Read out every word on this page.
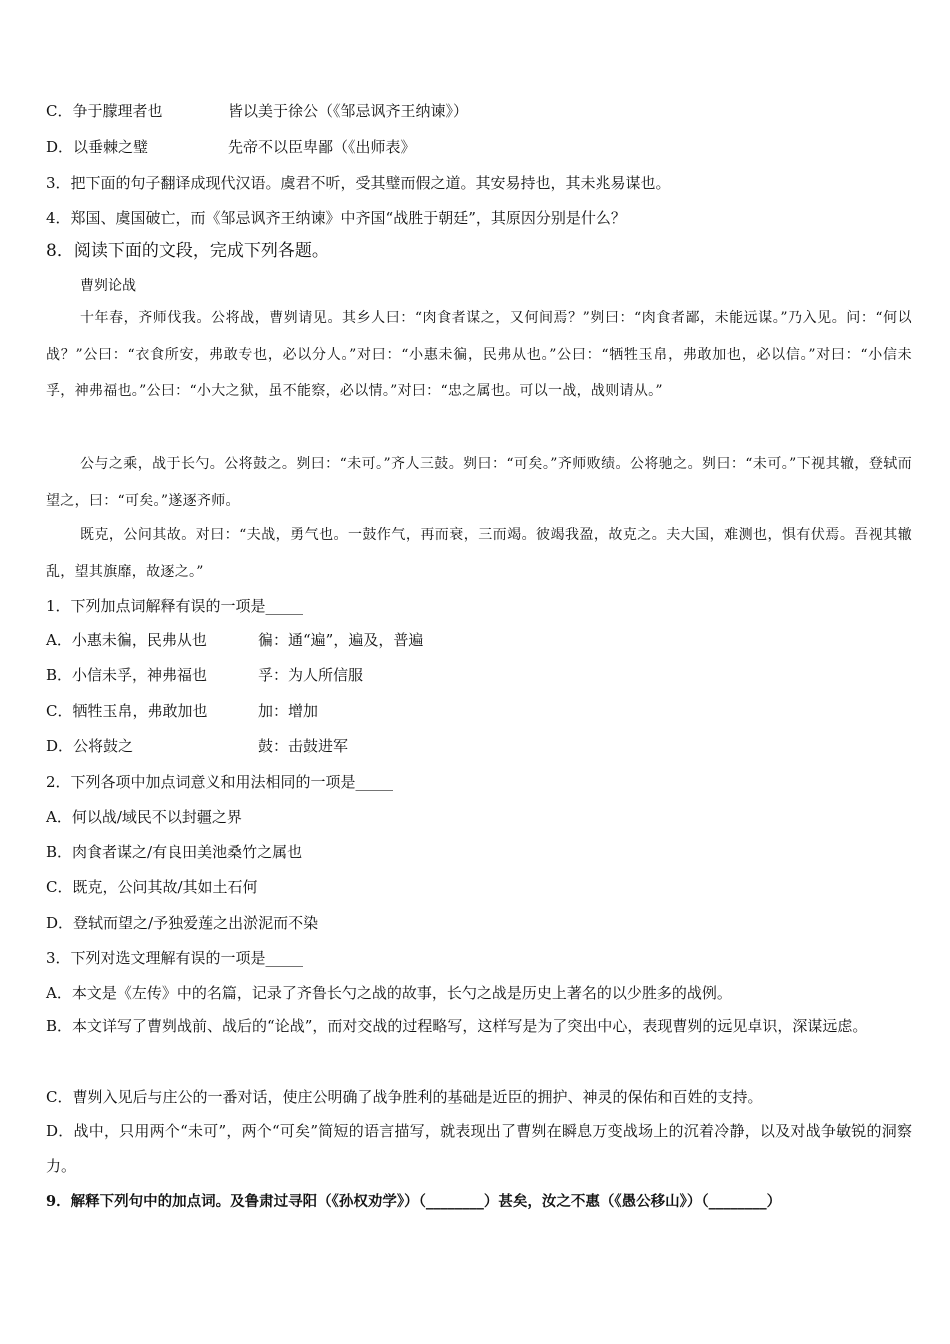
C．争于朦理者也	皆以美于徐公（《邹忌讽齐王纳谏》）
D．以垂棘之璧	先帝不以臣卑鄙（《出师表》
3．把下面的句子翻译成现代汉语。虞君不听，受其璧而假之道。其安易持也，其未兆易谋也。
4．郑国、虞国破亡，而《邹忌讽齐王纳谏》中齐国“战胜于朝廷”，其原因分别是什么？
8．阅读下面的文段，完成下列各题。
曹刿论战
十年春，齐师伐我。公将战，曹刿请见。其乡人曰：“肉食者谋之，又何间焉？”刿曰：“肉食者鄙，未能远谋。”乃入见。问：“何以战？”公曰：“衣食所安，弗敢专也，必以分人。”对曰：“小惠未徧，民弗从也。”公曰：“牺牲玉帛，弗敢加也，必以信。”对曰：“小信未孚，神弗福也。”公曰：“小大之狱，虽不能察，必以情。”对曰：“忠之属也。可以一战，战则请从。”
公与之乘，战于长勺。公将鼓之。刿曰：“未可。”齐人三鼓。刿曰：“可矣。”齐师败绩。公将驰之。刿曰：“未可。”下视其辙，登轼而望之，曰：“可矣。”遂逐齐师。
既克，公问其故。对曰：“夫战，勇气也。一鼓作气，再而衰，三而竭。彼竭我盈，故克之。夫大国，难测也，惧有伏焉。吾视其辙乱，望其旗靡，故逐之。”
1．下列加点词解释有误的一项是_____
A．小惠未徧，民弗从也	徧：通“遍”，遍及，普遍
B．小信未孚，神弗福也	孚：为人所信服
C．牺牲玉帛，弗敢加也	加：增加
D．公将鼓之	鼓：击鼓进军
2．下列各项中加点词意义和用法相同的一项是_____
A．何以战/域民不以封疆之界
B．肉食者谋之/有良田美池桑竹之属也
C．既克，公问其故/其如土石何
D．登轼而望之/予独爱莲之出淤泥而不染
3．下列对选文理解有误的一项是_____
A．本文是《左传》中的名篇，记录了齐鲁长勺之战的故事，长勺之战是历史上著名的以少胜多的战例。
B．本文详写了曹刿战前、战后的“论战”，而对交战的过程略写，这样写是为了突出中心，表现曹刿的远见卓识，深谋远虑。
C．曹刿入见后与庄公的一番对话，使庄公明确了战争胜利的基础是近臣的拥护、神灵的保佑和百姓的支持。
D．战中，只用两个“未可”，两个“可矣”简短的语言描写，就表现出了曹刿在瞬息万变战场上的沉着冷静，以及对战争敏锐的洞察力。
9．解释下列句中的加点词。及鲁肃过寻阳（《孙权劝学》）（________）甚矣，汝之不惠（《愚公移山》）（________）
